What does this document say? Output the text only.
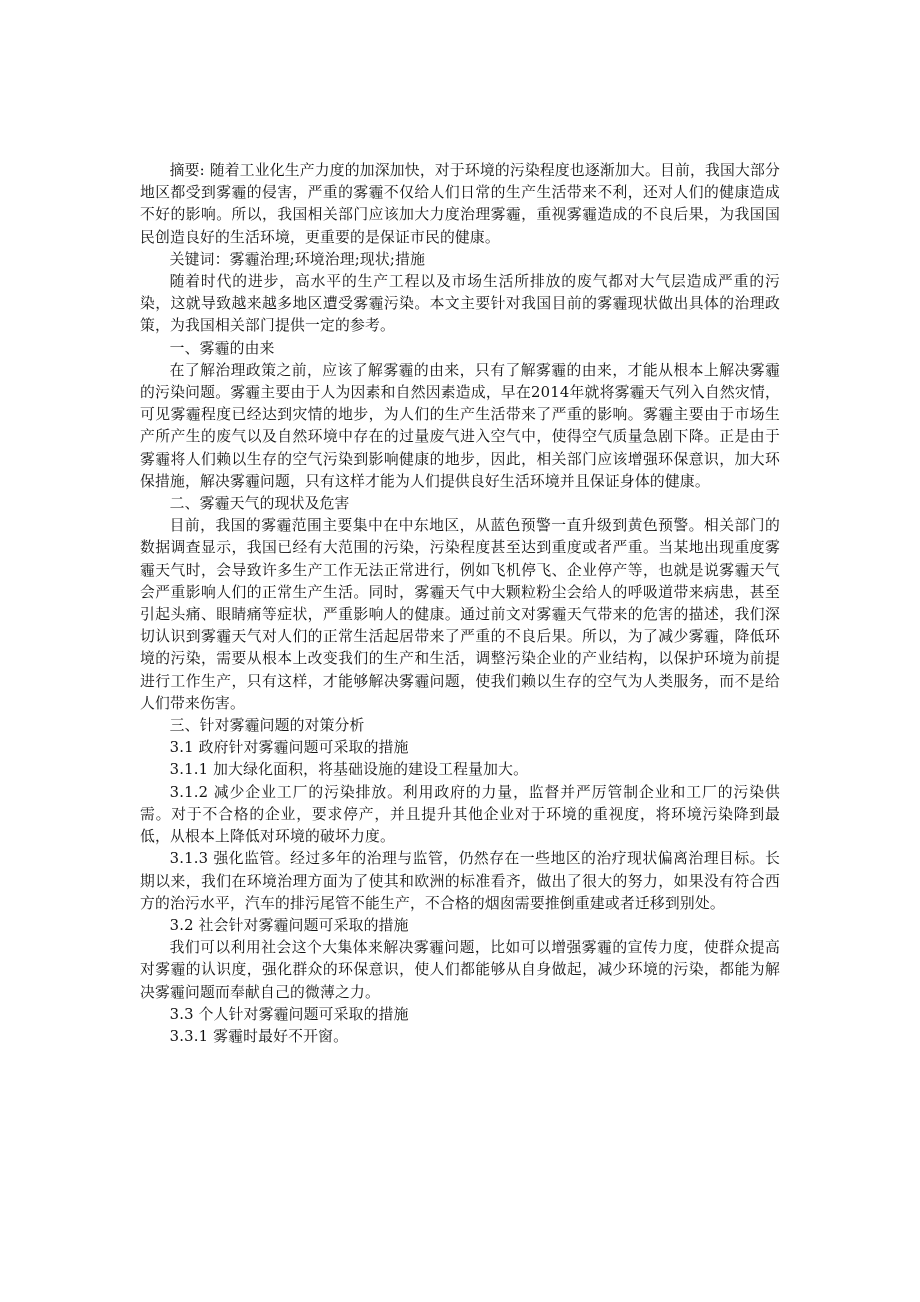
摘要: 随着工业化生产力度的加深加快，对于环境的污染程度也逐渐加大。目前，我国大部分地区都受到雾霾的侵害，严重的雾霾不仅给人们日常的生产生活带来不利，还对人们的健康造成不好的影响。所以，我国相关部门应该加大力度治理雾霾，重视雾霾造成的不良后果，为我国国民创造良好的生活环境，更重要的是保证市民的健康。

关键词：雾霾治理;环境治理;现状;措施

随着时代的进步，高水平的生产工程以及市场生活所排放的废气都对大气层造成严重的污染，这就导致越来越多地区遭受雾霾污染。本文主要针对我国目前的雾霾现状做出具体的治理政策，为我国相关部门提供一定的参考。

一、雾霾的由来

在了解治理政策之前，应该了解雾霾的由来，只有了解雾霾的由来，才能从根本上解决雾霾的污染问题。雾霾主要由于人为因素和自然因素造成，早在2014年就将雾霾天气列入自然灾情，可见雾霾程度已经达到灾情的地步，为人们的生产生活带来了严重的影响。雾霾主要由于市场生产所产生的废气以及自然环境中存在的过量废气进入空气中，使得空气质量急剧下降。正是由于雾霾将人们赖以生存的空气污染到影响健康的地步，因此，相关部门应该增强环保意识，加大环保措施，解决雾霾问题，只有这样才能为人们提供良好生活环境并且保证身体的健康。

二、雾霾天气的现状及危害

目前，我国的雾霾范围主要集中在中东地区，从蓝色预警一直升级到黄色预警。相关部门的数据调查显示，我国已经有大范围的污染，污染程度甚至达到重度或者严重。当某地出现重度雾霾天气时，会导致许多生产工作无法正常进行，例如飞机停飞、企业停产等，也就是说雾霾天气会严重影响人们的正常生产生活。同时，雾霾天气中大颗粒粉尘会给人的呼吸道带来病患，甚至引起头痛、眼睛痛等症状，严重影响人的健康。通过前文对雾霾天气带来的危害的描述，我们深切认识到雾霾天气对人们的正常生活起居带来了严重的不良后果。所以，为了减少雾霾，降低环境的污染，需要从根本上改变我们的生产和生活，调整污染企业的产业结构，以保护环境为前提进行工作生产，只有这样，才能够解决雾霾问题，使我们赖以生存的空气为人类服务，而不是给人们带来伤害。

三、针对雾霾问题的对策分析

3.1 政府针对雾霾问题可采取的措施

3.1.1 加大绿化面积，将基础设施的建设工程量加大。

3.1.2 减少企业工厂的污染排放。利用政府的力量，监督并严厉管制企业和工厂的污染供需。对于不合格的企业，要求停产，并且提升其他企业对于环境的重视度，将环境污染降到最低，从根本上降低对环境的破坏力度。

3.1.3 强化监管。经过多年的治理与监管，仍然存在一些地区的治疗现状偏离治理目标。长期以来，我们在环境治理方面为了使其和欧洲的标准看齐，做出了很大的努力，如果没有符合西方的治污水平，汽车的排污尾管不能生产，不合格的烟囱需要推倒重建或者迁移到别处。

3.2 社会针对雾霾问题可采取的措施

我们可以利用社会这个大集体来解决雾霾问题，比如可以增强雾霾的宣传力度，使群众提高对雾霾的认识度，强化群众的环保意识，使人们都能够从自身做起，减少环境的污染，都能为解决雾霾问题而奉献自己的微薄之力。

3.3 个人针对雾霾问题可采取的措施

3.3.1 雾霾时最好不开窗。
